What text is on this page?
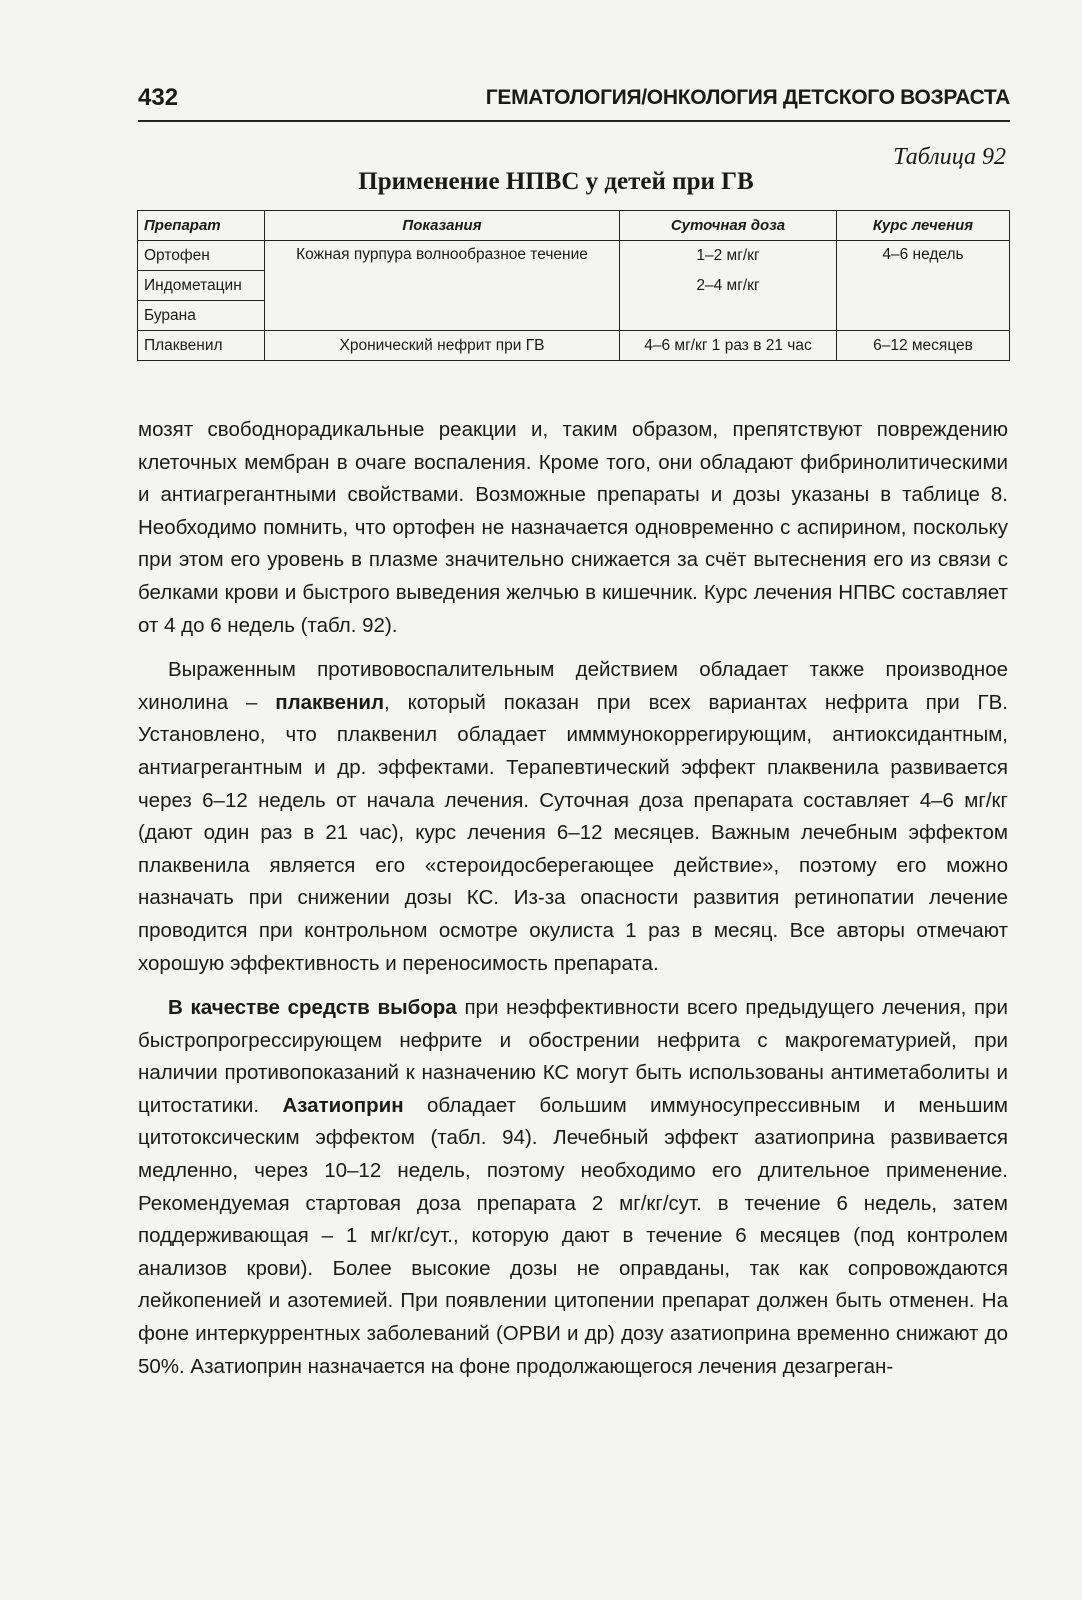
432	ГЕМАТОЛОГИЯ/ОНКОЛОГИЯ ДЕТСКОГО ВОЗРАСТА
Таблица 92
Применение НПВС у детей при ГВ
Препарат	Показания	Суточная доза	Курс лечения
Ортофен	Кожная пурпура волнообразное течение	1–2 мг/кг	4–6 недель
Индометацин		2–4 мг/кг	
Бурана			
Плаквенил	Хронический нефрит при ГВ	4–6 мг/кг 1 раз в 21 час	6–12 месяцев

мозят свободнорадикальные реакции и, таким образом, препятствуют повреждению клеточных мембран в очаге воспаления. Кроме того, они обладают фибринолитическими и антиагрегантными свойствами. Возможные препараты и дозы указаны в таблице 8. Необходимо помнить, что ортофен не назначается одновременно с аспирином, поскольку при этом его уровень в плазме значительно снижается за счёт вытеснения его из связи с белками крови и быстрого выведения желчью в кишечник. Курс лечения НПВС составляет от 4 до 6 недель (табл. 92).

Выраженным противовоспалительным действием обладает также производное хинолина – плаквенил, который показан при всех вариантах нефрита при ГВ. Установлено, что плаквенил обладает имммунокоррегирующим, антиоксидантным, антиагрегантным и др. эффектами. Терапевтический эффект плаквенила развивается через 6–12 недель от начала лечения. Суточная доза препарата составляет 4–6 мг/кг (дают один раз в 21 час), курс лечения 6–12 месяцев. Важным лечебным эффектом плаквенила является его «стероидосберегающее действие», поэтому его можно назначать при снижении дозы КС. Из-за опасности развития ретинопатии лечение проводится при контрольном осмотре окулиста 1 раз в месяц. Все авторы отмечают хорошую эффективность и переносимость препарата.

В качестве средств выбора при неэффективности всего предыдущего лечения, при быстропрогрессирующем нефрите и обострении нефрита с макрогематурией, при наличии противопоказаний к назначению КС могут быть использованы антиметаболиты и цитостатики. Азатиоприн обладает большим иммуносупрессивным и меньшим цитотоксическим эффектом (табл. 94). Лечебный эффект азатиоприна развивается медленно, через 10–12 недель, поэтому необходимо его длительное применение. Рекомендуемая стартовая доза препарата 2 мг/кг/сут. в течение 6 недель, затем поддерживающая – 1 мг/кг/сут., которую дают в течение 6 месяцев (под контролем анализов крови). Более высокие дозы не оправданы, так как сопровождаются лейкопенией и азотемией. При появлении цитопении препарат должен быть отменен. На фоне интеркуррентных заболеваний (ОРВИ и др) дозу азатиоприна временно снижают до 50%. Азатиоприн назначается на фоне продолжающегося лечения дезагреган-
